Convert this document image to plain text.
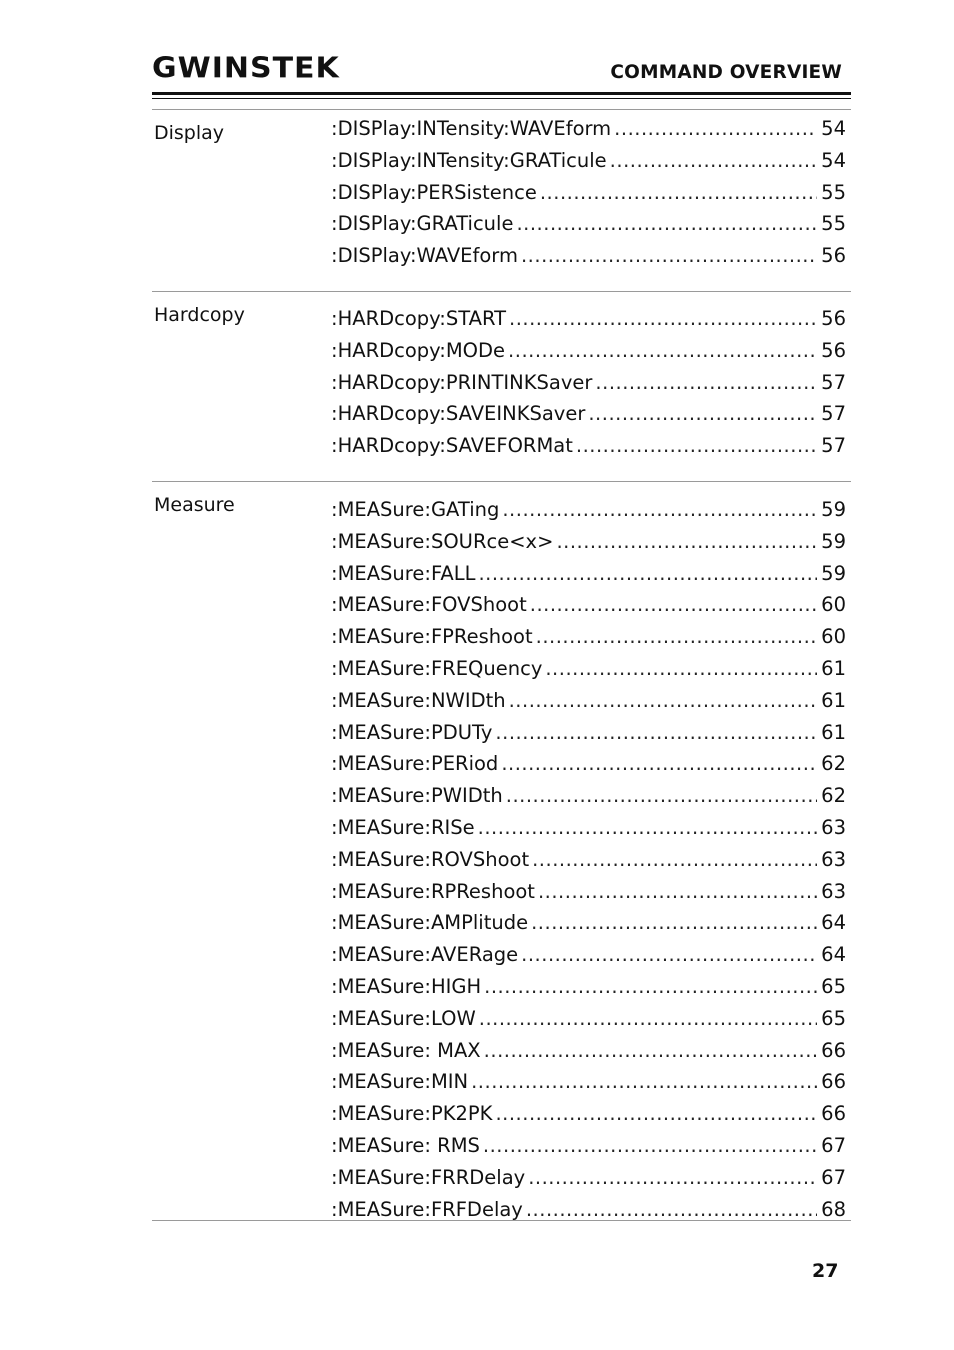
GWINSTEK	COMMAND OVERVIEW
Display	:DISPlay:INTensity:WAVEform .....	54
:DISPlay:INTensity:GRATicule .....	54
:DISPlay:PERSistence .....	55
:DISPlay:GRATicule .....	55
:DISPlay:WAVEform .....	56
Hardcopy	:HARDcopy:START .....	56
:HARDcopy:MODe .....	56
:HARDcopy:PRINTINKSaver .....	57
:HARDcopy:SAVEINKSaver .....	57
:HARDcopy:SAVEFORMat .....	57
Measure	:MEASure:GATing .....	59
:MEASure:SOURce<x> .....	59
:MEASure:FALL .....	59
:MEASure:FOVShoot .....	60
:MEASure:FPReshoot .....	60
:MEASure:FREQuency .....	61
:MEASure:NWIDth .....	61
:MEASure:PDUTy .....	61
:MEASure:PERiod .....	62
:MEASure:PWIDth .....	62
:MEASure:RISe .....	63
:MEASure:ROVShoot .....	63
:MEASure:RPReshoot .....	63
:MEASure:AMPlitude .....	64
:MEASure:AVERage .....	64
:MEASure:HIGH .....	65
:MEASure:LOW .....	65
:MEASure: MAX .....	66
:MEASure:MIN .....	66
:MEASure:PK2PK .....	66
:MEASure: RMS .....	67
:MEASure:FRRDelay .....	67
:MEASure:FRFDelay .....	68
27
